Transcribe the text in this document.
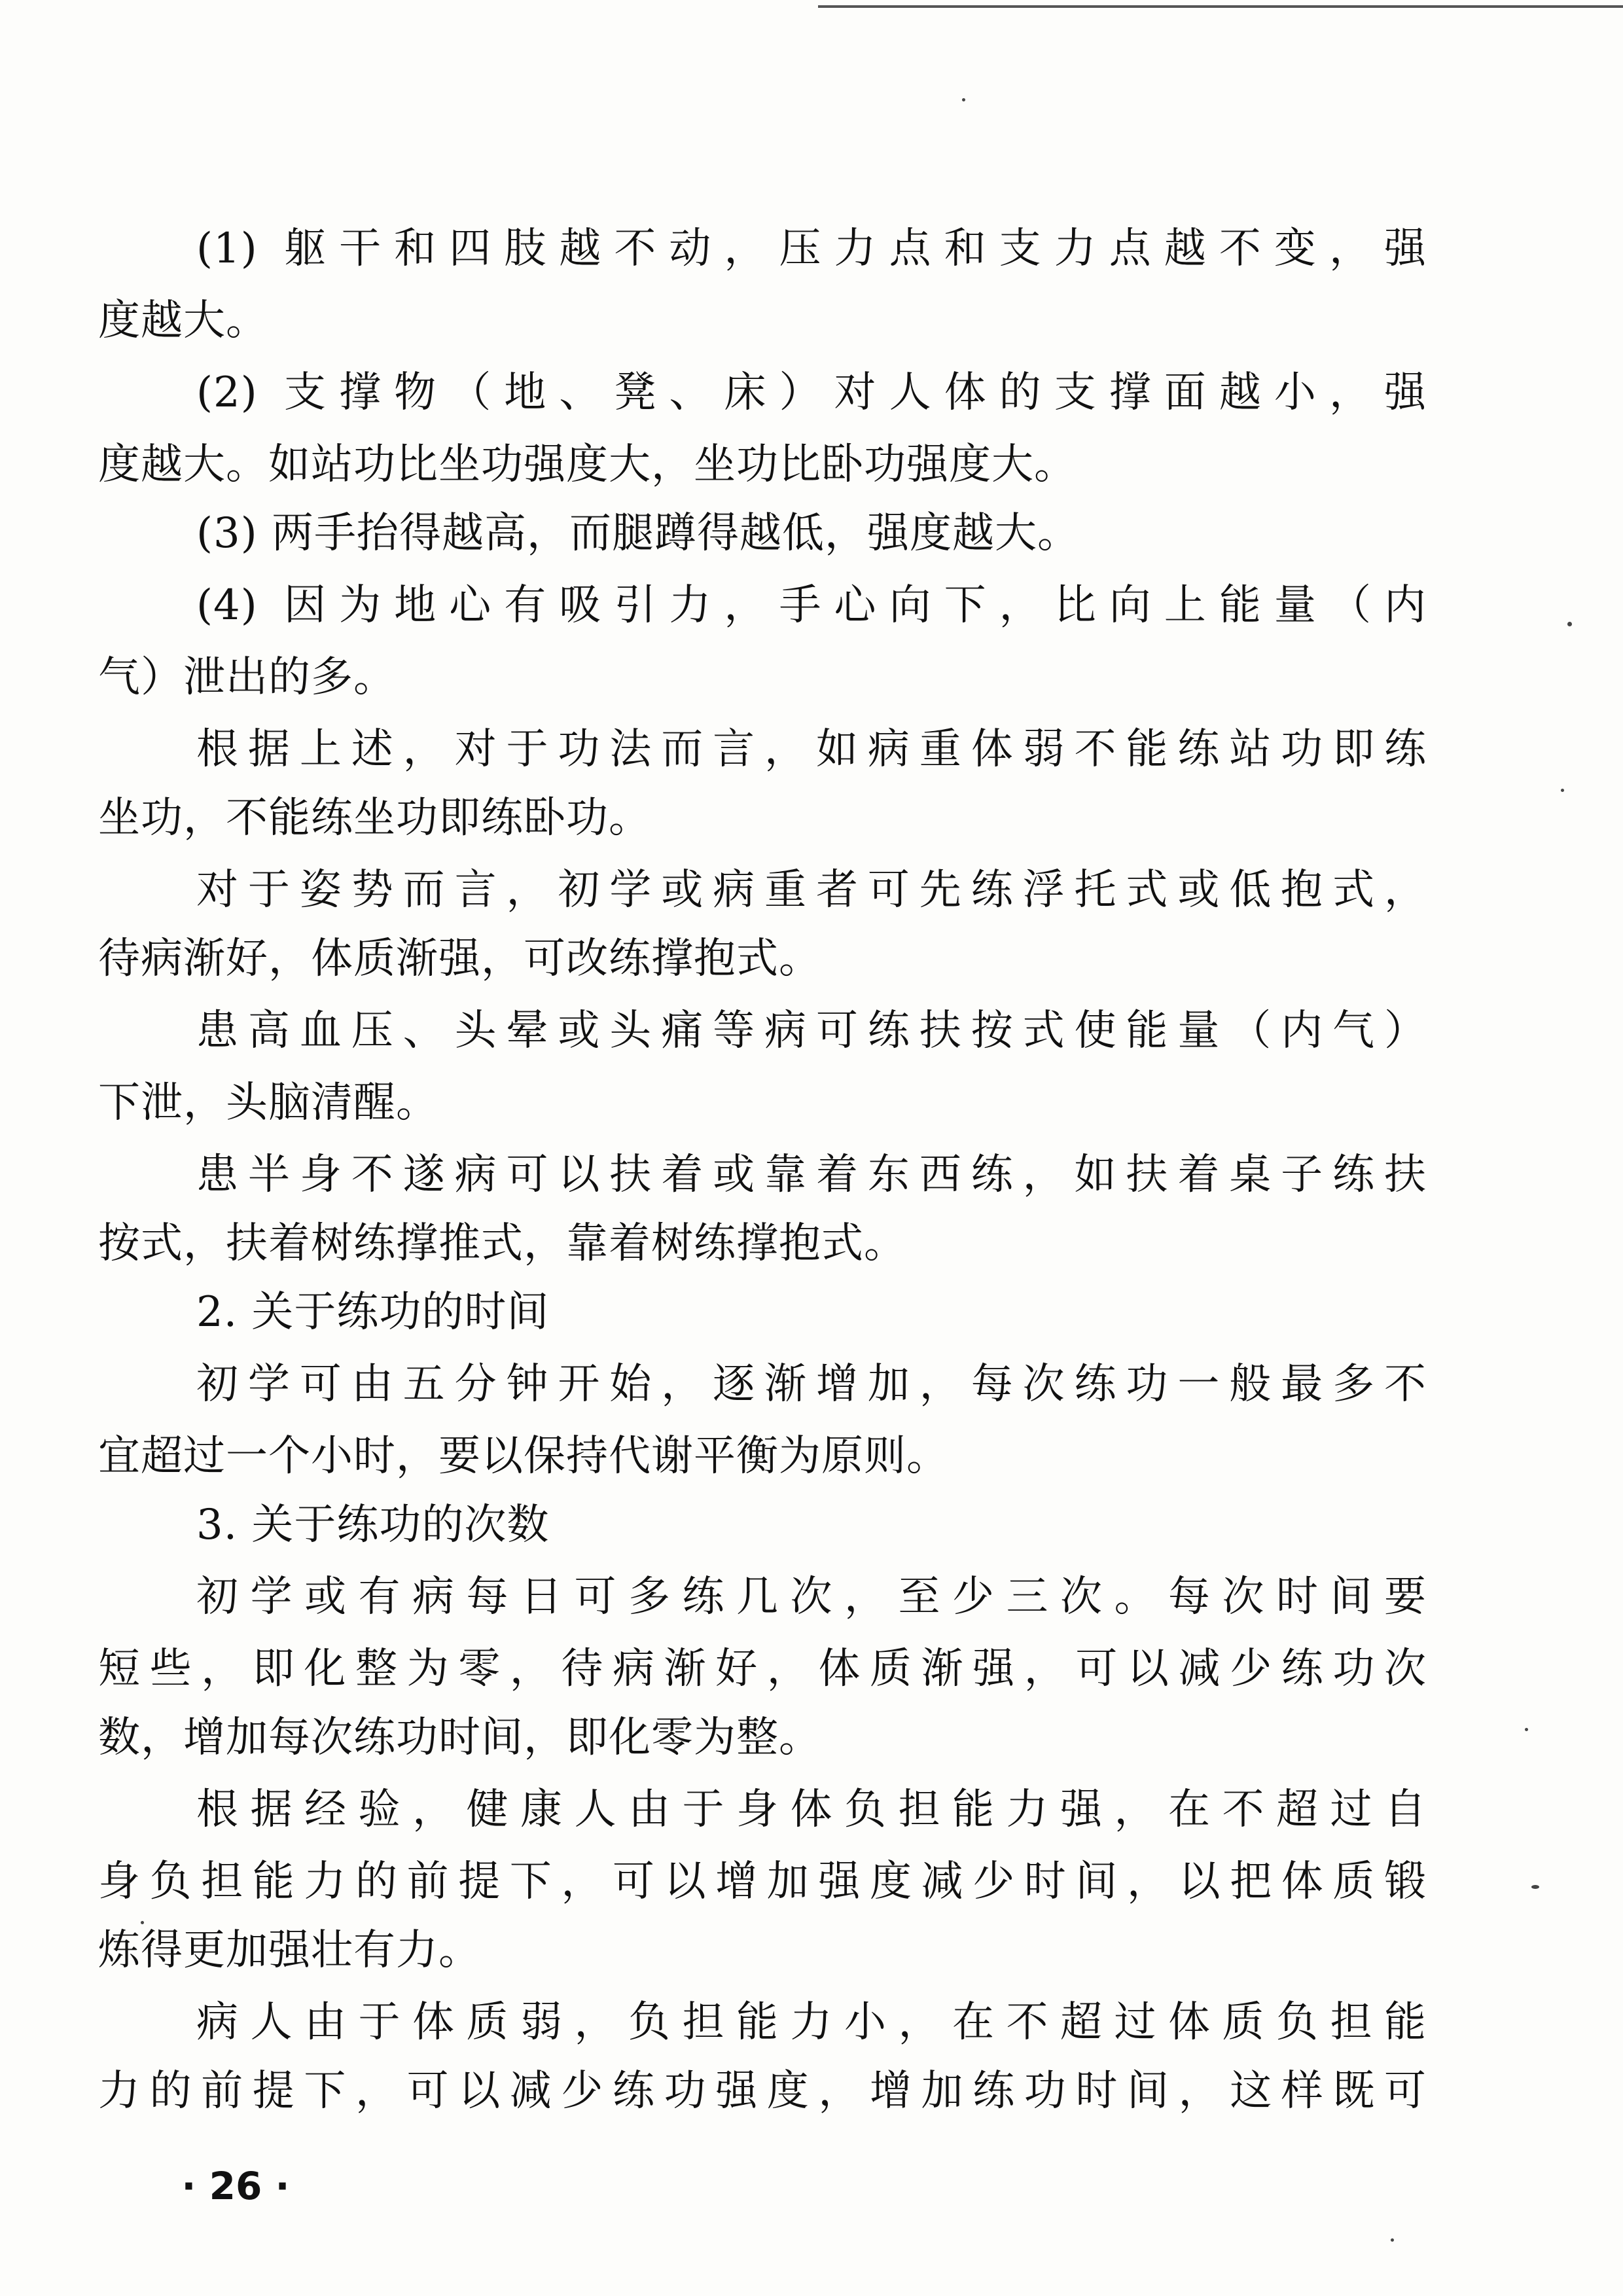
(1) 躯干和四肢越不动，压力点和支力点越不变，强
度越大。
(2) 支撑物（地、凳、床）对人体的支撑面越小，强
度越大。如站功比坐功强度大，坐功比卧功强度大。
(3) 两手抬得越高，而腿蹲得越低，强度越大。
(4) 因为地心有吸引力，手心向下，比向上能量（内
气）泄出的多。
根据上述，对于功法而言，如病重体弱不能练站功即练
坐功，不能练坐功即练卧功。
对于姿势而言，初学或病重者可先练浮托式或低抱式，
待病渐好，体质渐强，可改练撑抱式。
患高血压、头晕或头痛等病可练扶按式使能量（内气）
下泄，头脑清醒。
患半身不遂病可以扶着或靠着东西练，如扶着桌子练扶
按式，扶着树练撑推式，靠着树练撑抱式。
2. 关于练功的时间
初学可由五分钟开始，逐渐增加，每次练功一般最多不
宜超过一个小时，要以保持代谢平衡为原则。
3. 关于练功的次数
初学或有病每日可多练几次，至少三次。每次时间要
短些，即化整为零，待病渐好，体质渐强，可以减少练功次
数，增加每次练功时间，即化零为整。
根据经验，健康人由于身体负担能力强，在不超过自
身负担能力的前提下，可以增加强度减少时间，以把体质锻
炼得更加强壮有力。
病人由于体质弱，负担能力小，在不超过体质负担能
力的前提下，可以减少练功强度，增加练功时间，这样既可
· 26 ·
